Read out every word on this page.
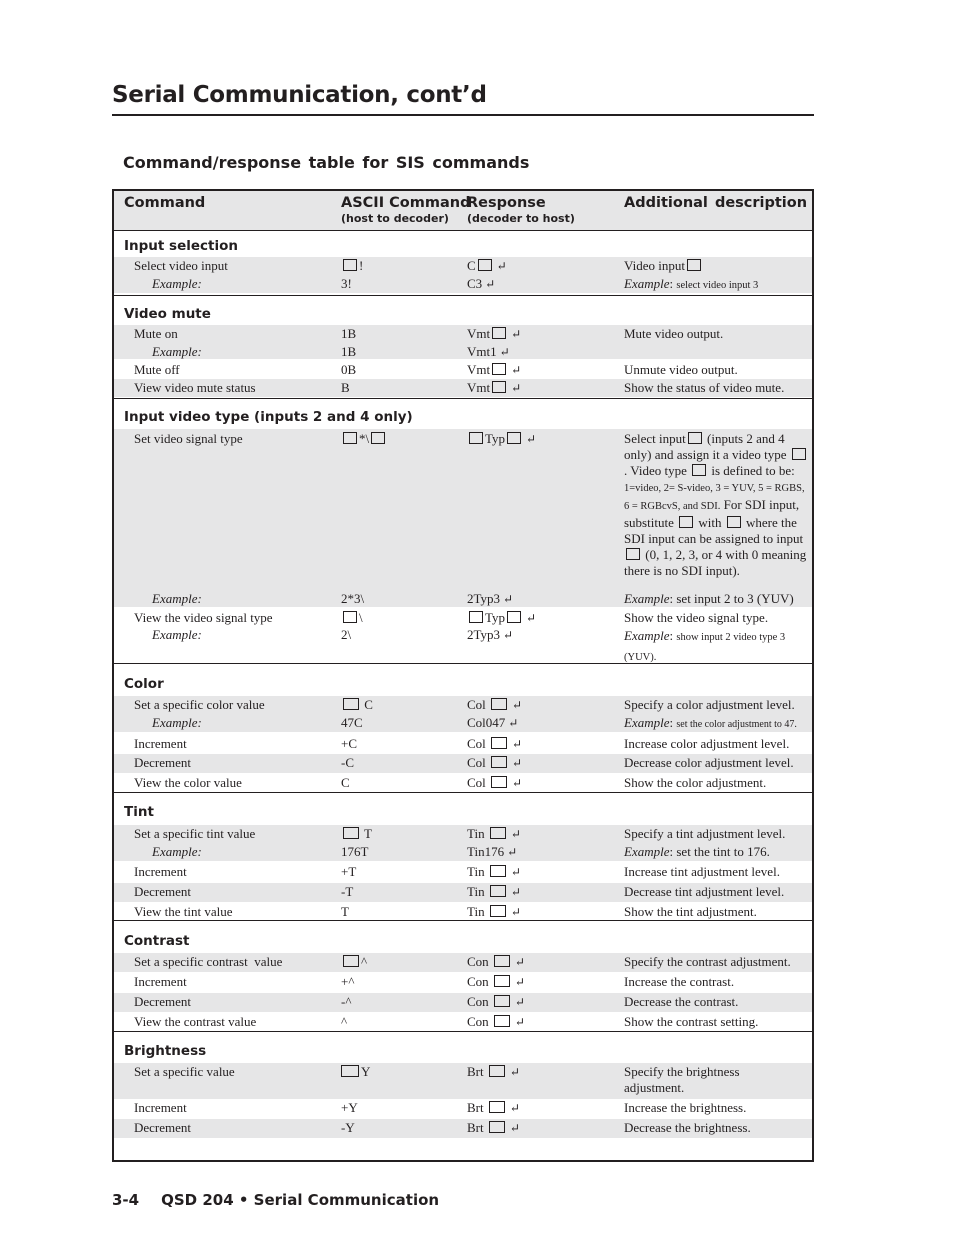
Serial Communication, cont’d
Command/response table for SIS commands
Command	ASCII Command
(host to decoder)
Response
(decoder to host)
Additional description
Input selection
Select video input	!	C ↵	Video input
Example:	3!	C3 ↵	Example: select video input 3
Video mute
Mute on	1B	Vmt ↵	Mute video output.
Example:	1B	Vmt1 ↵
Mute off	0B	Vmt ↵	Unmute video output.
View video mute status	B	Vmt ↵	Show the status of video mute.
Input video type (inputs 2 and 4 only)
Set video signal type	*\	Typ ↵	Select input (inputs 2 and 4 only) and assign it a video type . Video type is defined to be: 1=video, 2= S-video, 3 = YUV, 5 = RGBS, 6 = RGBcvS, and SDI. For SDI input, substitute with where the SDI input can be assigned to input  (0, 1, 2, 3, or 4 with 0 meaning there is no SDI input).
Example:	2*3\	2Typ3 ↵	Example: set input 2 to 3 (YUV)
View the video signal type	\	Typ ↵	Show the video signal type.
Example:	2\	2Typ3 ↵	Example: show input 2 video type 3 (YUV).
Color
Set a specific color value	C	Col ↵	Specify a color adjustment level.
Example:	47C	Col047 ↵	Example: set the color adjustment to 47.
Increment	+C	Col ↵	Increase color adjustment level.
Decrement	-C	Col ↵	Decrease color adjustment level.
View the color value	C	Col ↵	Show the color adjustment.
Tint
Set a specific tint value	T	Tin ↵	Specify a tint adjustment level.
Example:	176T	Tin176 ↵	Example: set the tint to 176.
Increment	+T	Tin ↵	Increase tint adjustment level.
Decrement	-T	Tin ↵	Decrease tint adjustment level.
View the tint value	T	Tin ↵	Show the tint adjustment.
Contrast
Set a specific contrast  value	^	Con ↵	Specify the contrast adjustment.
Increment	+^	Con ↵	Increase the contrast.
Decrement	-^	Con ↵	Decrease the contrast.
View the contrast value	^	Con ↵	Show the contrast setting.
Brightness
Set a specific value	Y	Brt ↵	Specify the brightness adjustment.
Increment	+Y	Brt ↵	Increase the brightness.
Decrement	-Y	Brt ↵	Decrease the brightness.
3-4 QSD 204 • Serial Communication
